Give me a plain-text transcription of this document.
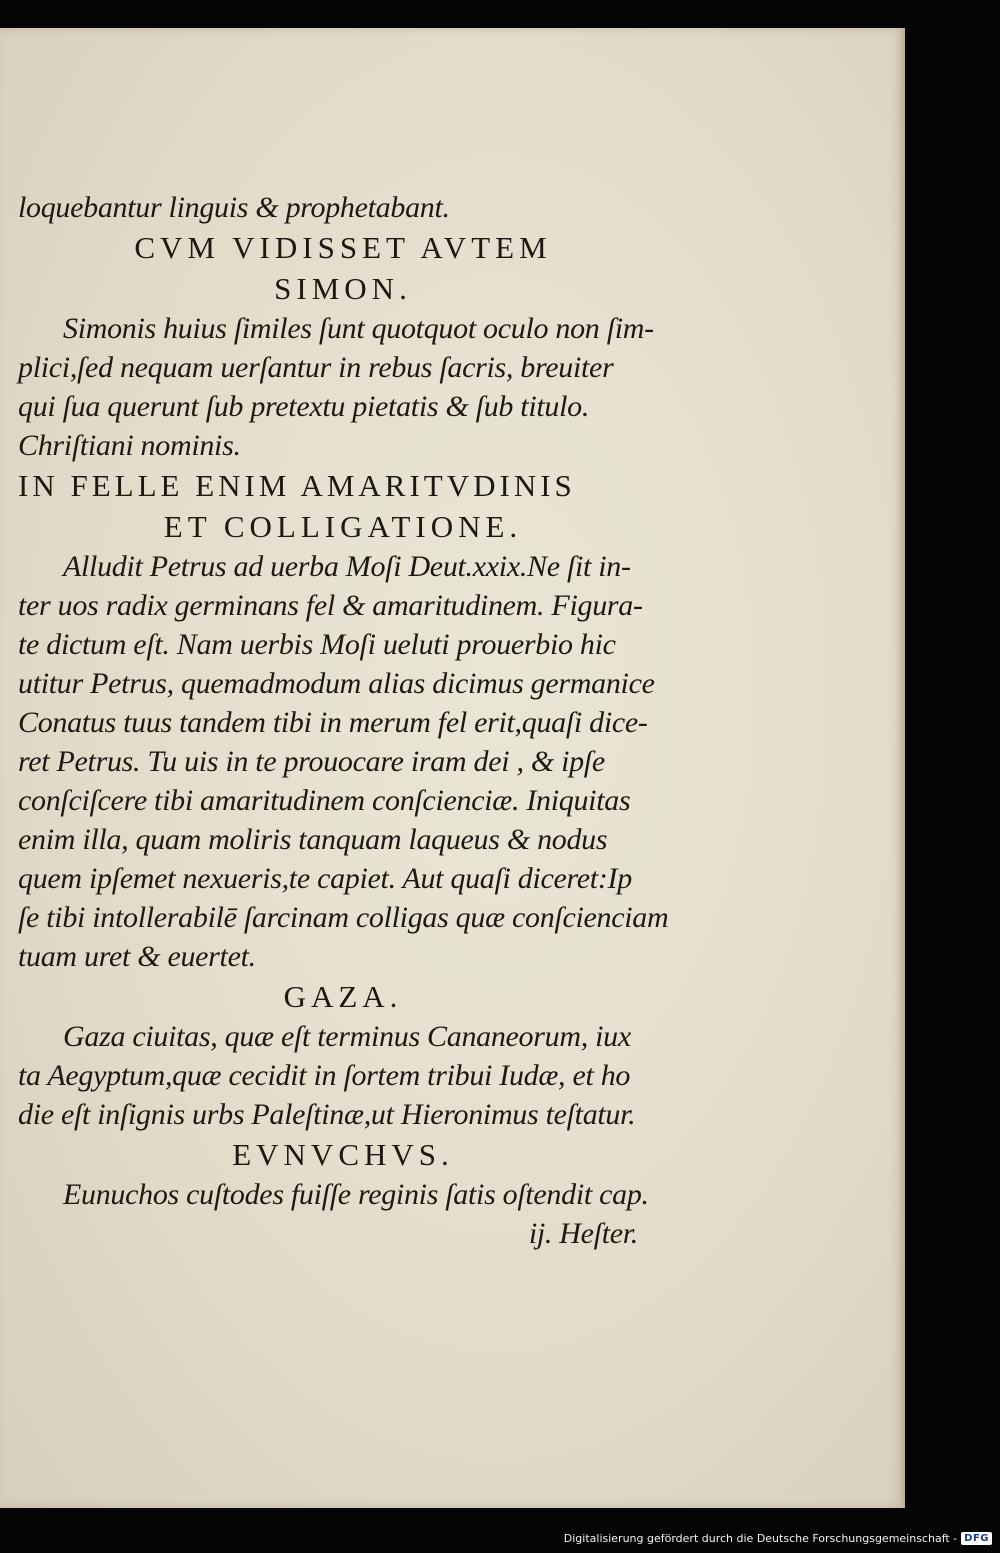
loquebantur linguis & prophetabant.

CVM VIDISSET AVTEM

SIMON.

Simonis huius ſimiles ſunt quotquot oculo non ſim-

plici,ſed nequam uerſantur in rebus ſacris, breuiter

qui ſua querunt ſub pretextu pietatis & ſub titulo.

Chriſtiani nominis.

IN FELLE ENIM AMARITVDINIS

ET COLLIGATIONE.

Alludit Petrus ad uerba Moſi Deut.xxix.Ne ſit in-

ter uos radix germinans fel & amaritudinem. Figura-

te dictum eſt. Nam uerbis Moſi ueluti prouerbio hic

utitur Petrus, quemadmodum alias dicimus germanice

Conatus tuus tandem tibi in merum fel erit,quaſi dice-

ret Petrus. Tu uis in te prouocare iram dei , & ipſe

conſciſcere tibi amaritudinem conſcienciæ. Iniquitas

enim illa, quam moliris tanquam laqueus & nodus

quem ipſemet nexueris,te capiet. Aut quaſi diceret:Ip

ſe tibi intollerabilē ſarcinam colligas quæ conſcienciam

tuam uret & euertet.

GAZA.

Gaza ciuitas, quæ eſt terminus Cananeorum, iux

ta Aegyptum,quæ cecidit in ſortem tribui Iudæ, et ho

die eſt inſignis urbs Paleſtinæ,ut Hieronimus teſtatur.

EVNVCHVS.

Eunuchos cuſtodes fuiſſe reginis ſatis oſtendit cap.

ij. Heſter.

Digitalisierung gefördert durch die Deutsche Forschungsgemeinschaft - DFG
